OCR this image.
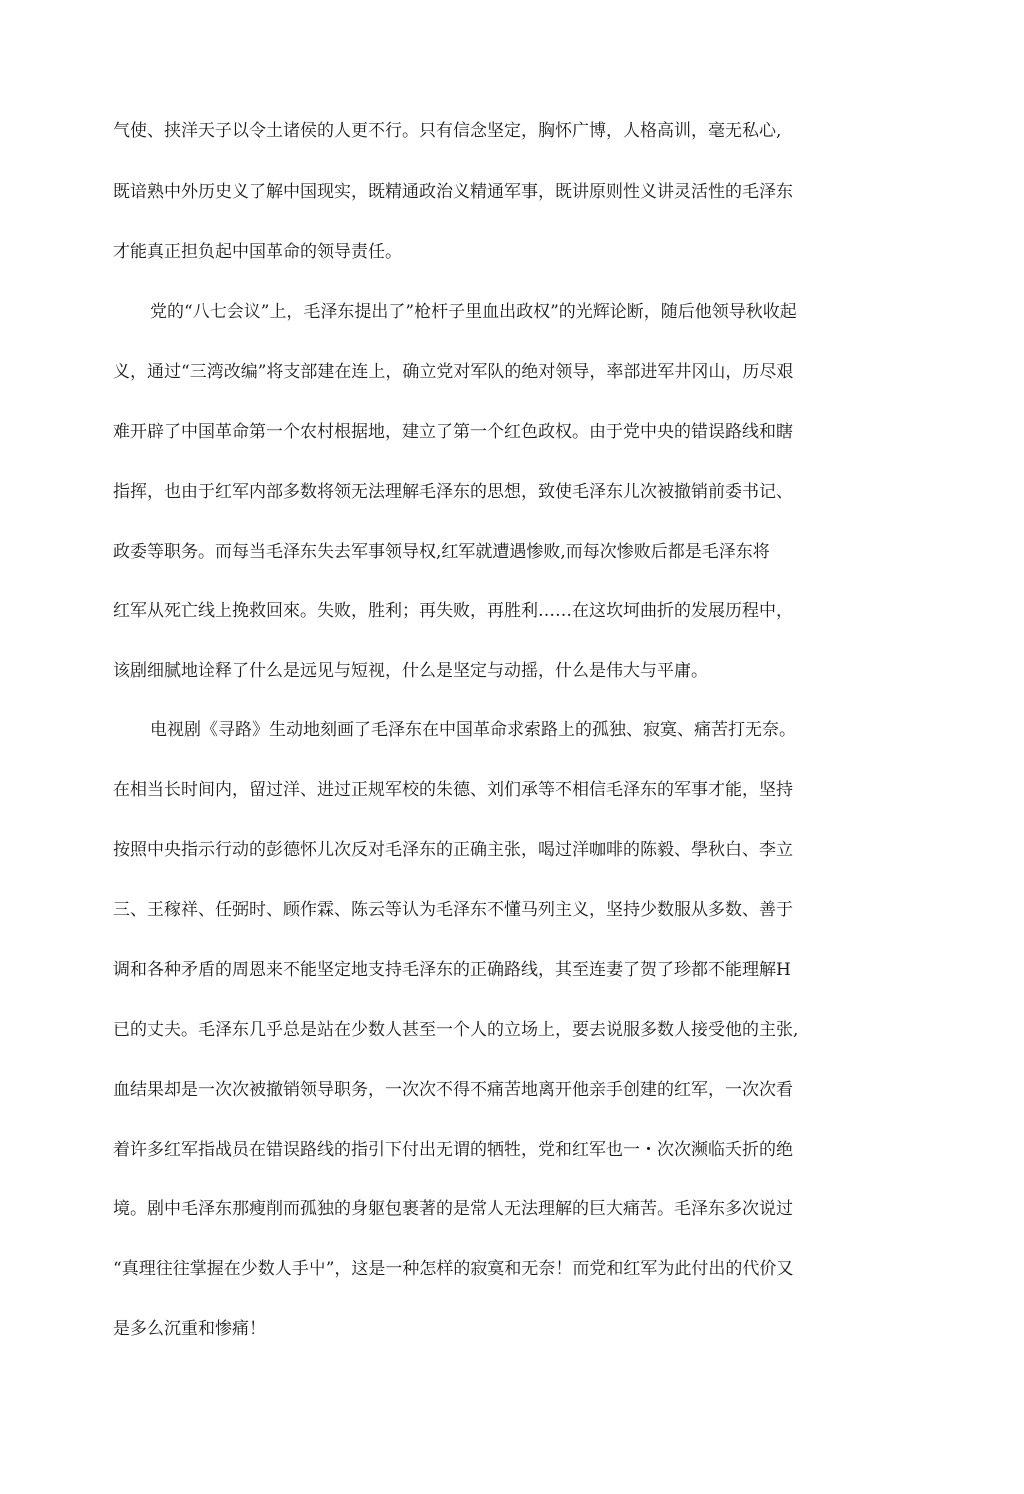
气使、挟洋天子以令土诸侯的人更不行。只有信念坚定，胸怀广博，人格高训，毫无私心,
既谙熟中外历史义了解中国现实，既精通政治义精通军事，既讲原则性义讲灵活性的毛泽东
才能真正担负起中国革命的领导责任。
党的“八七会议”上，毛泽东提出了”枪杆子里血出政权”的光辉论断，随后他领导秋收起
义，通过“三湾改编”将支部建在连上，确立党对军队的绝对领导，率部进军井冈山，历尽艰
难开辟了中国革命第一个农村根据地，建立了第一个红色政权。由于党中央的错误路线和瞎
指挥，也由于红军内部多数将领无法理解毛泽东的思想，致使毛泽东儿次被撤销前委书记、
政委等职务。而每当毛泽东失去军事领导权,红军就遭遇惨败,而每次惨败后都是毛泽东将
红军从死亡线上挽救回來。失败，胜利；再失败，再胜利……在这坎坷曲折的发展历程中，
该剧细腻地诠释了什么是远见与短视，什么是坚定与动摇，什么是伟大与平庸。
电视剧《寻路》生动地刻画了毛泽东在中国革命求索路上的孤独、寂寞、痛苦打无奈。
在相当长时间内，留过洋、进过正规军校的朱德、刘们承等不相信毛泽东的军事才能，坚持
按照中央指示行动的彭德怀儿次反对毛泽东的正确主张，喝过洋咖啡的陈毅、學秋白、李立
三、王稼祥、任弼时、顾作霖、陈云等认为毛泽东不懂马列主义，坚持少数服从多数、善于
调和各种矛盾的周恩来不能坚定地支持毛泽东的正确路线，其至连妻了贺了珍都不能理解H
已的丈夫。毛泽东几乎总是站在少数人甚至一个人的立场上，要去说服多数人接受他的主张,
血结果却是一次次被撤销领导职务，一次次不得不痛苦地离开他亲手创建的红军，一次次看
着许多红军指战员在错误路线的指引下付出无谓的牺牲，党和红军也一・次次濒临夭折的绝
境。剧中毛泽东那瘦削而孤独的身躯包裹著的是常人无法理解的巨大痛苦。毛泽东多次说过
“真理往往掌握在少数人手屮”，这是一种怎样的寂寞和无奈！而党和红军为此付出的代价又
是多么沉重和惨痛！
